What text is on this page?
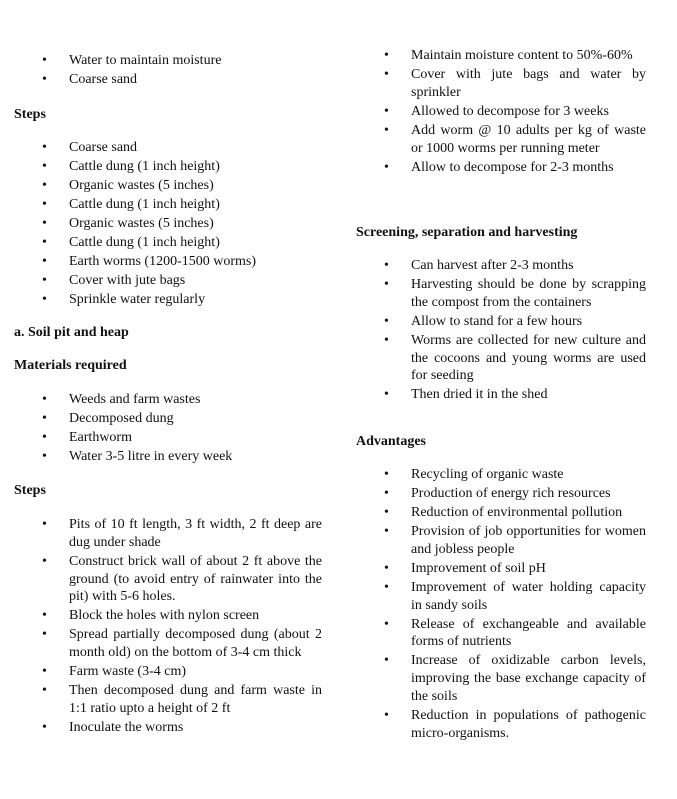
• Water to maintain moisture
• Coarse sand
Steps
• Coarse sand
• Cattle dung (1 inch height)
• Organic wastes (5 inches)
• Cattle dung (1 inch height)
• Organic wastes (5 inches)
• Cattle dung (1 inch height)
• Earth worms (1200-1500 worms)
• Cover with jute bags
• Sprinkle water regularly
a. Soil pit and heap
Materials required
• Weeds and farm wastes
• Decomposed dung
• Earthworm
• Water 3-5 litre in every week
Steps
• Pits of 10 ft length, 3 ft width, 2 ft deep are dug under shade
• Construct brick wall of about 2 ft above the ground (to avoid entry of rainwater into the pit) with 5-6 holes.
• Block the holes with nylon screen
• Spread partially decomposed dung (about 2 month old) on the bottom of 3-4 cm thick
• Farm waste (3-4 cm)
• Then decomposed dung and farm waste in 1:1 ratio upto a height of 2 ft
• Inoculate the worms
• Maintain moisture content to 50%-60%
• Cover with jute bags and water by sprinkler
• Allowed to decompose for 3 weeks
• Add worm @ 10 adults per kg of waste or 1000 worms per running meter
• Allow to decompose for 2-3 months
Screening, separation and harvesting
• Can harvest after 2-3 months
• Harvesting should be done by scrapping the compost from the containers
• Allow to stand for a few hours
• Worms are collected for new culture and the cocoons and young worms are used for seeding
• Then dried it in the shed
Advantages
• Recycling of organic waste
• Production of energy rich resources
• Reduction of environmental pollution
• Provision of job opportunities for women and jobless people
• Improvement of soil pH
• Improvement of water holding capacity in sandy soils
• Release of exchangeable and available forms of nutrients
• Increase of oxidizable carbon levels, improving the base exchange capacity of the soils
• Reduction in populations of pathogenic micro-organisms.
